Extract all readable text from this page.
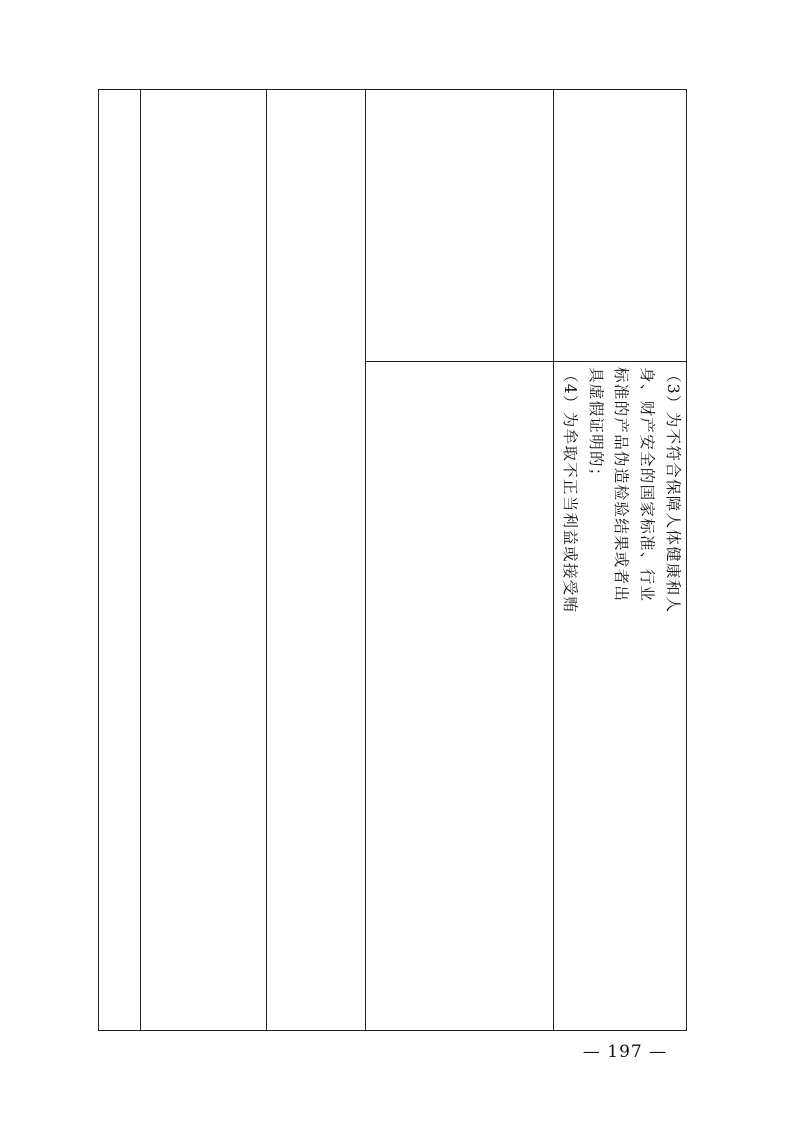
（3）为不符合保障人体健康和人
身、财产安全的国家标准、行业
标准的产品伪造检验结果或者出
具虚假证明的；
（4）为牟取不正当利益或接受贿
— 197 —
